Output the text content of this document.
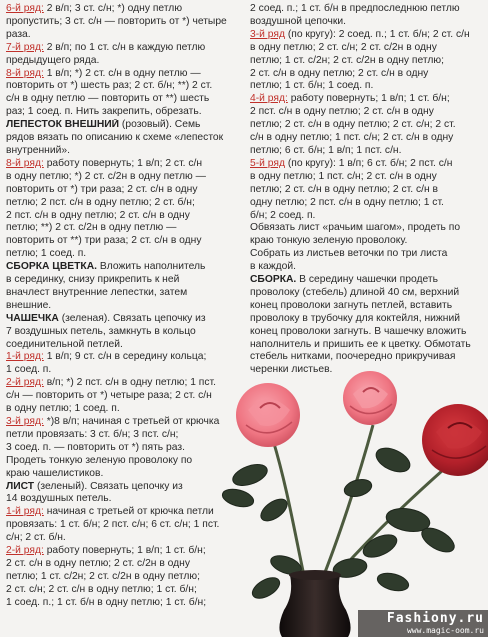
6-й ряд: 2 в/п; 3 ст. с/н; *) одну петлю
пропустить; 3 ст. с/н — повторить от *) четыре
раза.
7-й ряд: 2 в/п; по 1 ст. с/н в каждую петлю
предыдущего ряда.
8-й ряд: 1 в/п; *) 2 ст. с/н в одну петлю —
повторить от *) шесть раз; 2 ст. б/н; **) 2 ст.
с/н в одну петлю — повторить от **) шесть
раз; 1 соед. п. Нить закрепить, обрезать.
ЛЕПЕСТОК ВНЕШНИЙ (розовый). Семь
рядов вязать по описанию к схеме «лепесток
внутренний».
8-й ряд: работу повернуть; 1 в/п; 2 ст. с/н
в одну петлю; *) 2 ст. с/2н в одну петлю —
повторить от *) три раза; 2 ст. с/н в одну
петлю; 2 пст. с/н в одну петлю; 2 ст. б/н;
2 пст. с/н в одну петлю; 2 ст. с/н в одну
петлю; **) 2 ст. с/2н в одну петлю —
повторить от **) три раза; 2 ст. с/н в одну
петлю; 1 соед. п.
СБОРКА ЦВЕТКА. Вложить наполнитель
в серединку, снизу прикрепить к ней
вначлест внутренние лепестки, затем
внешние.
ЧАШЕЧКА (зеленая). Связать цепочку из
7 воздушных петель, замкнуть в кольцо
соединительной петлей.
1-й ряд: 1 в/п; 9 ст. с/н в середину кольца;
1 соед. п.
2-й ряд: в/п; *) 2 пст. с/н в одну петлю; 1 пст.
с/н — повторить от *) четыре раза; 2 ст. с/н
в одну петлю; 1 соед. п.
3-й ряд: *)8 в/п; начиная с третьей от крючка
петли провязать: 3 ст. б/н; 3 пст. с/н;
3 соед. п. — повторить от *) пять раз.
Продеть тонкую зеленую проволоку по
краю чашелистиков.
ЛИСТ (зеленый). Связать цепочку из
14 воздушных петель.
1-й ряд: начиная с третьей от крючка петли
провязать: 1 ст. б/н; 2 пст. с/н; 6 ст. с/н; 1 пст.
с/н; 2 ст. б/н.
2-й ряд: работу повернуть; 1 в/п; 1 ст. б/н;
2 ст. с/н в одну петлю; 2 ст. с/2н в одну
петлю; 1 ст. с/2н; 2 ст. с/2н в одну петлю;
2 ст. с/н; 2 ст. с/н в одну петлю; 1 ст. б/н;
1 соед. п.; 1 ст. б/н в одну петлю; 1 ст. б/н;
2 соед. п.; 1 ст. б/н в предпоследнюю петлю
воздушной цепочки.
3-й ряд (по кругу): 2 соед. п.; 1 ст. б/н; 2 ст. с/н
в одну петлю; 2 ст. с/н; 2 ст. с/2н в одну
петлю; 1 ст. с/2н; 2 ст. с/2н в одну петлю;
2 ст. с/н в одну петлю; 2 ст. с/н в одну
петлю; 1 ст. б/н; 1 соед. п.
4-й ряд: работу повернуть; 1 в/п; 1 ст. б/н;
2 пст. с/н в одну петлю; 2 ст. с/н в одну
петлю; 2 ст. с/н в одну петлю; 2 ст. с/н; 2 ст.
с/н в одну петлю; 1 пст. с/н; 2 ст. с/н в одну
петлю; 6 ст. б/н; 1 в/п; 1 пст. с/н.
5-й ряд (по кругу): 1 в/п; 6 ст. б/н; 2 пст. с/н
в одну петлю; 1 пст. с/н; 2 ст. с/н в одну
петлю; 2 ст. с/н в одну петлю; 2 ст. с/н в
одну петлю; 2 пст. с/н в одну петлю; 1 ст.
б/н; 2 соед. п.
Обвязать лист «рачьим шагом», продеть по
краю тонкую зеленую проволоку.
Собрать из листьев веточки по три листа
в каждой.
СБОРКА. В середину чашечки продеть
проволоку (стебель) длиной 40 см, верхний
конец проволоки загнуть петлей, вставить
проволоку в трубочку для коктейля, нижний
конец проволоки загнуть. В чашечку вложить
наполнитель и пришить ее к цветку. Обмотать
стебель нитками, поочередно прикручивая
черенки листьев.
Fashiony.ru
www.magic-oom.ru
